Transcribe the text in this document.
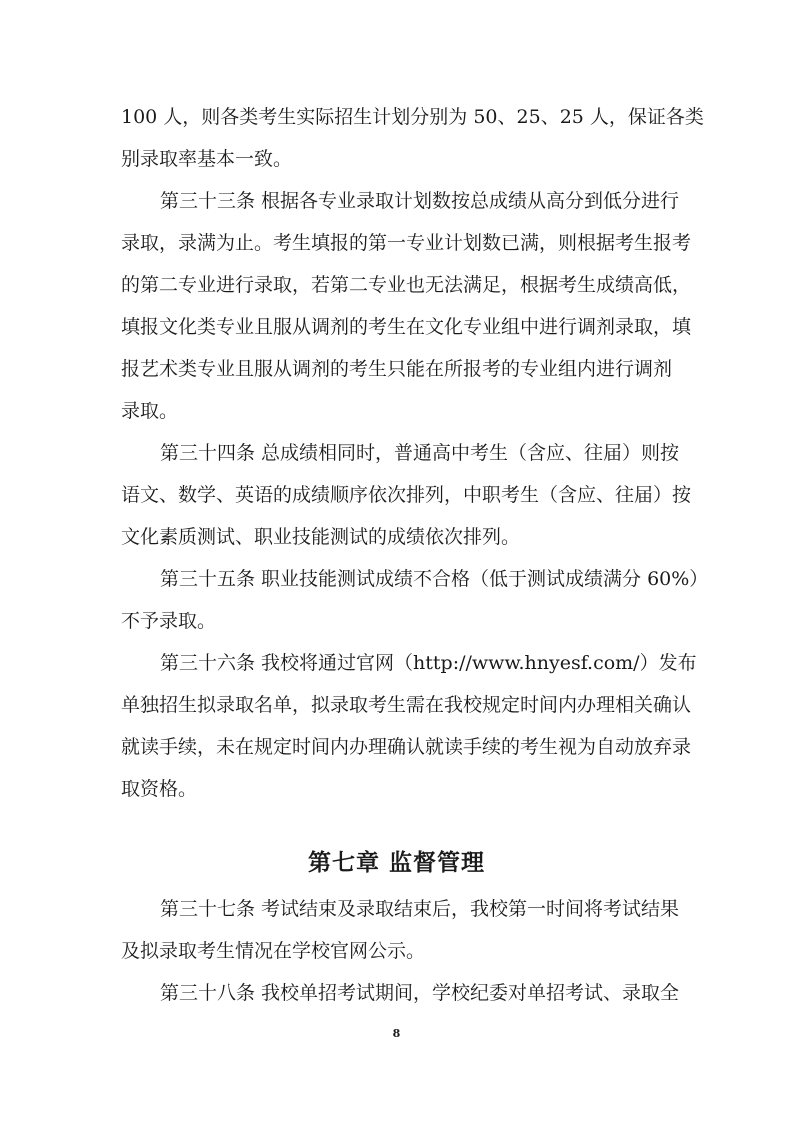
100 人，则各类考生实际招生计划分别为 50、25、25 人，保证各类
别录取率基本一致。
第三十三条 根据各专业录取计划数按总成绩从高分到低分进行
录取，录满为止。考生填报的第一专业计划数已满，则根据考生报考
的第二专业进行录取，若第二专业也无法满足，根据考生成绩高低，
填报文化类专业且服从调剂的考生在文化专业组中进行调剂录取，填
报艺术类专业且服从调剂的考生只能在所报考的专业组内进行调剂
录取。
第三十四条 总成绩相同时，普通高中考生（含应、往届）则按
语文、数学、英语的成绩顺序依次排列，中职考生（含应、往届）按
文化素质测试、职业技能测试的成绩依次排列。
第三十五条 职业技能测试成绩不合格（低于测试成绩满分 60%）
不予录取。
第三十六条 我校将通过官网（http://www.hnyesf.com/）发布
单独招生拟录取名单，拟录取考生需在我校规定时间内办理相关确认
就读手续，未在规定时间内办理确认就读手续的考生视为自动放弃录
取资格。
第七章 监督管理
第三十七条 考试结束及录取结束后，我校第一时间将考试结果
及拟录取考生情况在学校官网公示。
第三十八条 我校单招考试期间，学校纪委对单招考试、录取全
8
